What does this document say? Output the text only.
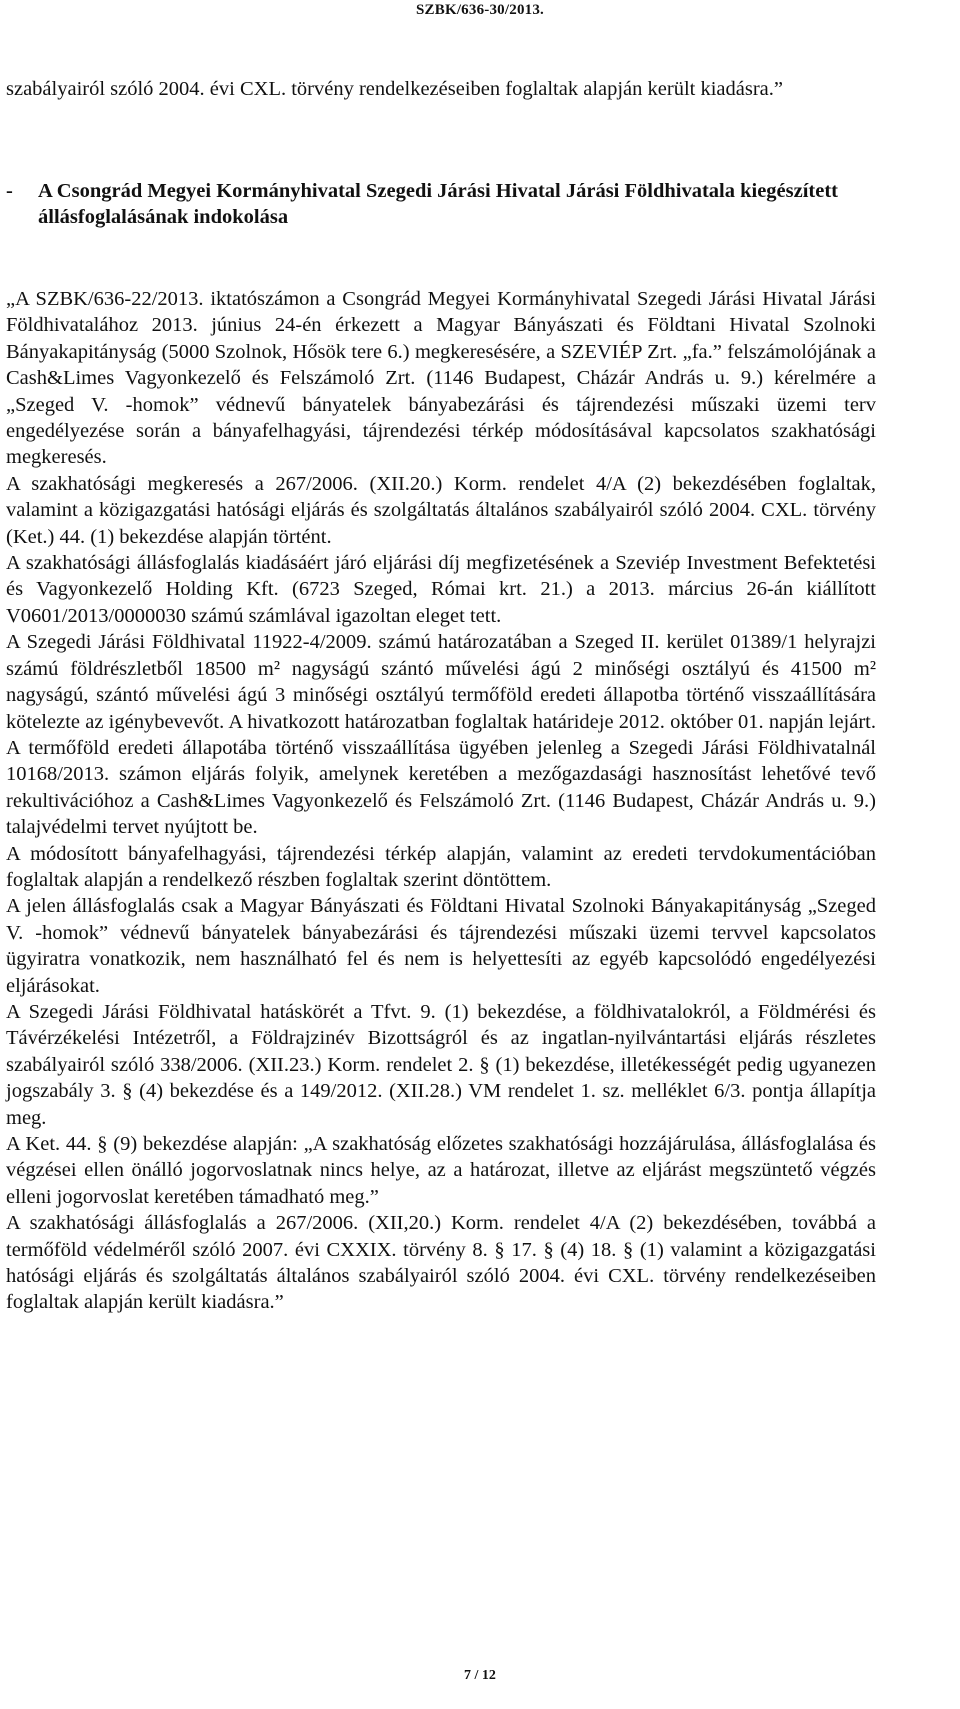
SZBK/636-30/2013.

szabályairól szóló 2004. évi CXL. törvény rendelkezéseiben foglaltak alapján került kiadásra.”

-	A Csongrád Megyei Kormányhivatal Szegedi Járási Hivatal Járási Földhivatala kiegészített állásfoglalásának indokolása

„A SZBK/636-22/2013. iktatószámon a Csongrád Megyei Kormányhivatal Szegedi Járási Hivatal Járási Földhivatalához 2013. június 24-én érkezett a Magyar Bányászati és Földtani Hivatal Szolnoki Bányakapitányság (5000 Szolnok, Hősök tere 6.) megkeresésére, a SZEVIÉP Zrt. „fa.” felszámolójának a Cash&Limes Vagyonkezelő és Felszámoló Zrt. (1146 Budapest, Cházár András u. 9.) kérelmére a „Szeged V. -homok” védnevű bányatelek bányabezárási és tájrendezési műszaki üzemi terv engedélyezése során a bányafelhagyási, tájrendezési térkép módosításával kapcsolatos szakhatósági megkeresés.

A szakhatósági megkeresés a 267/2006. (XII.20.) Korm. rendelet 4/A (2) bekezdésében foglaltak, valamint a közigazgatási hatósági eljárás és szolgáltatás általános szabályairól szóló 2004. CXL. törvény (Ket.) 44. (1) bekezdése alapján történt.

A szakhatósági állásfoglalás kiadásáért járó eljárási díj megfizetésének a Szeviép Investment Befektetési és Vagyonkezelő Holding Kft. (6723 Szeged, Római krt. 21.) a 2013. március 26-án kiállított V0601/2013/0000030 számú számlával igazoltan eleget tett.

A Szegedi Járási Földhivatal 11922-4/2009. számú határozatában a Szeged II. kerület 01389/1 helyrajzi számú földrészletből 18500 m² nagyságú szántó művelési ágú 2 minőségi osztályú és 41500 m² nagyságú, szántó művelési ágú 3 minőségi osztályú termőföld eredeti állapotba történő visszaállítására kötelezte az igénybevevőt. A hivatkozott határozatban foglaltak határideje 2012. október 01. napján lejárt. A termőföld eredeti állapotába történő visszaállítása ügyében jelenleg a Szegedi Járási Földhivatalnál 10168/2013. számon eljárás folyik, amelynek keretében a mezőgazdasági hasznosítást lehetővé tevő rekultivációhoz a Cash&Limes Vagyonkezelő és Felszámoló Zrt. (1146 Budapest, Cházár András u. 9.) talajvédelmi tervet nyújtott be.

A módosított bányafelhagyási, tájrendezési térkép alapján, valamint az eredeti tervdokumentációban foglaltak alapján a rendelkező részben foglaltak szerint döntöttem.

A jelen állásfoglalás csak a Magyar Bányászati és Földtani Hivatal Szolnoki Bányakapitányság „Szeged V. -homok” védnevű bányatelek bányabezárási és tájrendezési műszaki üzemi tervvel kapcsolatos ügyiratra vonatkozik, nem használható fel és nem is helyettesíti az egyéb kapcsolódó engedélyezési eljárásokat.

A Szegedi Járási Földhivatal hatáskörét a Tfvt. 9. (1) bekezdése, a földhivatalokról, a Földmérési és Távérzékelési Intézetről, a Földrajzinév Bizottságról és az ingatlan-nyilvántartási eljárás részletes szabályairól szóló 338/2006. (XII.23.) Korm. rendelet 2. § (1) bekezdése, illetékességét pedig ugyanezen jogszabály 3. § (4) bekezdése és a 149/2012. (XII.28.) VM rendelet 1. sz. melléklet 6/3. pontja állapítja meg.

A Ket. 44. § (9) bekezdése alapján: „A szakhatóság előzetes szakhatósági hozzájárulása, állásfoglalása és végzései ellen önálló jogorvoslatnak nincs helye, az a határozat, illetve az eljárást megszüntető végzés elleni jogorvoslat keretében támadható meg.”

A szakhatósági állásfoglalás a 267/2006. (XII,20.) Korm. rendelet 4/A (2) bekezdésében, továbbá a termőföld védelméről szóló 2007. évi CXXIX. törvény 8. § 17. § (4) 18. § (1) valamint a közigazgatási hatósági eljárás és szolgáltatás általános szabályairól szóló 2004. évi CXL. törvény rendelkezéseiben foglaltak alapján került kiadásra.”

7 / 12
